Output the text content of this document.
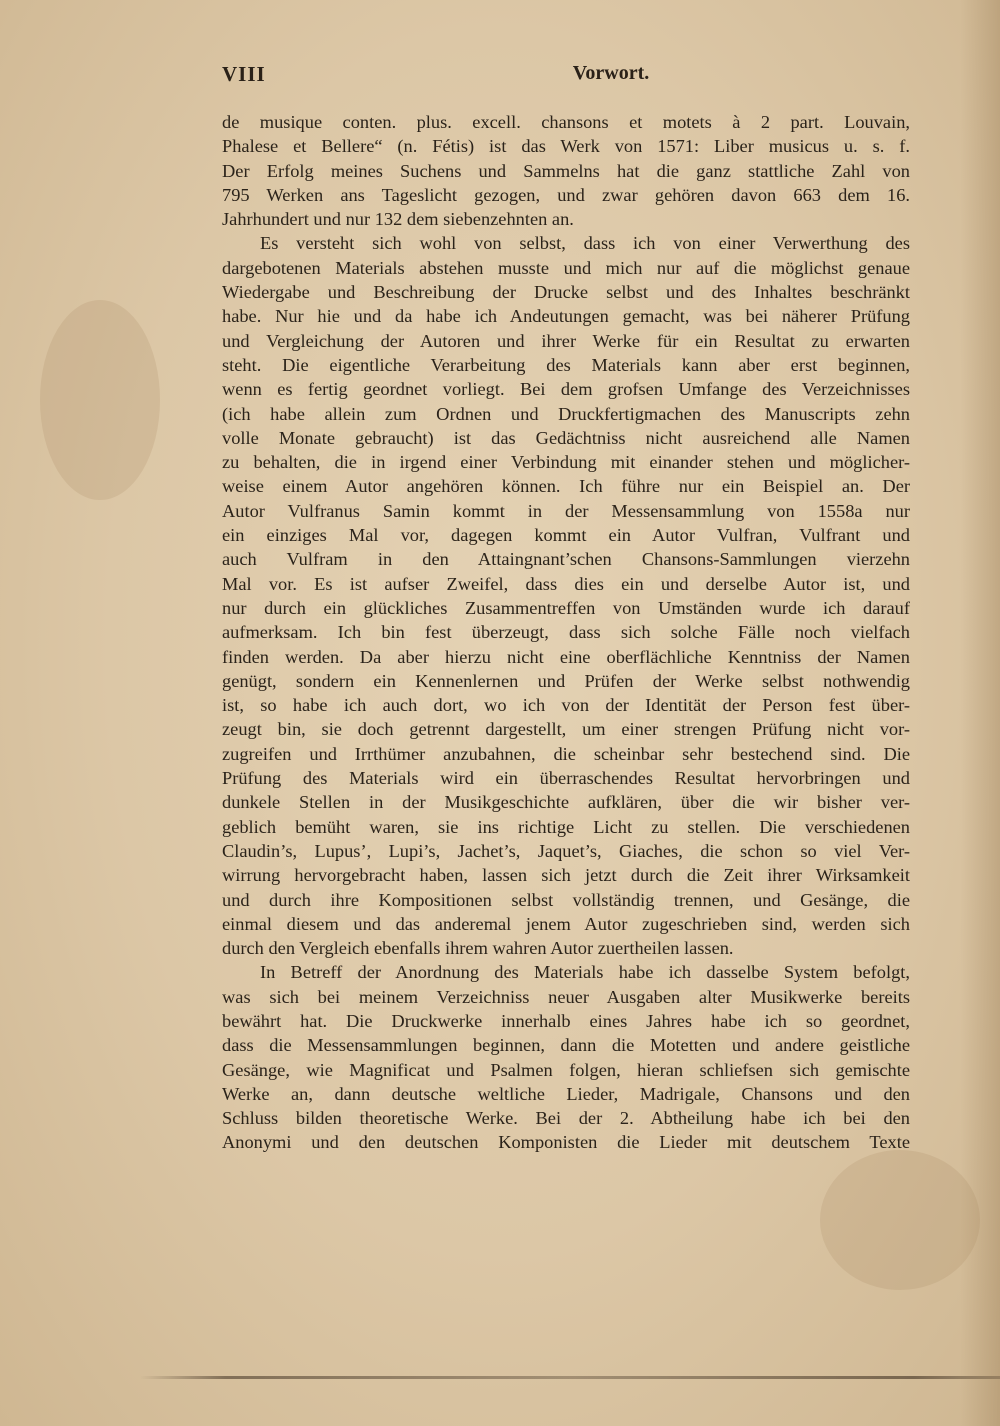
VIII	Vorwort.
de musique conten. plus. excell. chansons et motets à 2 part. Louvain,
Phalese et Bellere“ (n. Fétis) ist das Werk von 1571: Liber musicus u. s. f.
Der Erfolg meines Suchens und Sammelns hat die ganz stattliche Zahl von
795 Werken ans Tageslicht gezogen, und zwar gehören davon 663 dem 16.
Jahrhundert und nur 132 dem siebenzehnten an.
Es versteht sich wohl von selbst, dass ich von einer Verwerthung des
dargebotenen Materials abstehen musste und mich nur auf die möglichst genaue
Wiedergabe und Beschreibung der Drucke selbst und des Inhaltes beschränkt
habe. Nur hie und da habe ich Andeutungen gemacht, was bei näherer Prüfung
und Vergleichung der Autoren und ihrer Werke für ein Resultat zu erwarten
steht. Die eigentliche Verarbeitung des Materials kann aber erst beginnen,
wenn es fertig geordnet vorliegt. Bei dem grofsen Umfange des Verzeichnisses
(ich habe allein zum Ordnen und Druckfertigmachen des Manuscripts zehn
volle Monate gebraucht) ist das Gedächtniss nicht ausreichend alle Namen
zu behalten, die in irgend einer Verbindung mit einander stehen und möglicher-
weise einem Autor angehören können. Ich führe nur ein Beispiel an. Der
Autor Vulfranus Samin kommt in der Messensammlung von 1558a nur
ein einziges Mal vor, dagegen kommt ein Autor Vulfran, Vulfrant und
auch Vulfram in den Attaingnant’schen Chansons-Sammlungen vierzehn
Mal vor. Es ist aufser Zweifel, dass dies ein und derselbe Autor ist, und
nur durch ein glückliches Zusammentreffen von Umständen wurde ich darauf
aufmerksam. Ich bin fest überzeugt, dass sich solche Fälle noch vielfach
finden werden. Da aber hierzu nicht eine oberflächliche Kenntniss der Namen
genügt, sondern ein Kennenlernen und Prüfen der Werke selbst nothwendig
ist, so habe ich auch dort, wo ich von der Identität der Person fest über-
zeugt bin, sie doch getrennt dargestellt, um einer strengen Prüfung nicht vor-
zugreifen und Irrthümer anzubahnen, die scheinbar sehr bestechend sind. Die
Prüfung des Materials wird ein überraschendes Resultat hervorbringen und
dunkele Stellen in der Musikgeschichte aufklären, über die wir bisher ver-
geblich bemüht waren, sie ins richtige Licht zu stellen. Die verschiedenen
Claudin’s, Lupus’, Lupi’s, Jachet’s, Jaquet’s, Giaches, die schon so viel Ver-
wirrung hervorgebracht haben, lassen sich jetzt durch die Zeit ihrer Wirksamkeit
und durch ihre Kompositionen selbst vollständig trennen, und Gesänge, die
einmal diesem und das anderemal jenem Autor zugeschrieben sind, werden sich
durch den Vergleich ebenfalls ihrem wahren Autor zuertheilen lassen.
In Betreff der Anordnung des Materials habe ich dasselbe System befolgt,
was sich bei meinem Verzeichniss neuer Ausgaben alter Musikwerke bereits
bewährt hat. Die Druckwerke innerhalb eines Jahres habe ich so geordnet,
dass die Messensammlungen beginnen, dann die Motetten und andere geistliche
Gesänge, wie Magnificat und Psalmen folgen, hieran schliefsen sich gemischte
Werke an, dann deutsche weltliche Lieder, Madrigale, Chansons und den
Schluss bilden theoretische Werke. Bei der 2. Abtheilung habe ich bei den
Anonymi und den deutschen Komponisten die Lieder mit deutschem Texte
